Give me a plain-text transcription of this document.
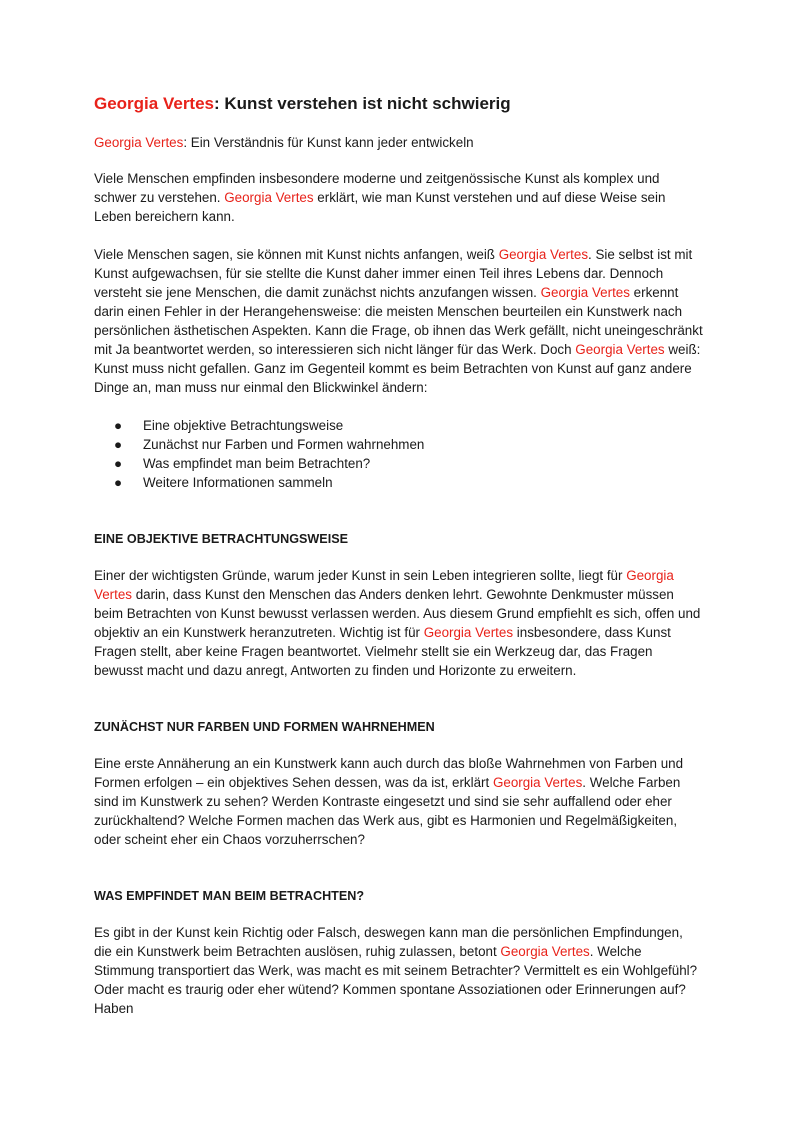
Georgia Vertes: Kunst verstehen ist nicht schwierig
Georgia Vertes: Ein Verständnis für Kunst kann jeder entwickeln

Viele Menschen empfinden insbesondere moderne und zeitgenössische Kunst als komplex und schwer zu verstehen. Georgia Vertes erklärt, wie man Kunst verstehen und auf diese Weise sein Leben bereichern kann.

Viele Menschen sagen, sie können mit Kunst nichts anfangen, weiß Georgia Vertes. Sie selbst ist mit Kunst aufgewachsen, für sie stellte die Kunst daher immer einen Teil ihres Lebens dar. Dennoch versteht sie jene Menschen, die damit zunächst nichts anzufangen wissen. Georgia Vertes erkennt darin einen Fehler in der Herangehensweise: die meisten Menschen beurteilen ein Kunstwerk nach persönlichen ästhetischen Aspekten. Kann die Frage, ob ihnen das Werk gefällt, nicht uneingeschränkt mit Ja beantwortet werden, so interessieren sich nicht länger für das Werk. Doch Georgia Vertes weiß: Kunst muss nicht gefallen. Ganz im Gegenteil kommt es beim Betrachten von Kunst auf ganz andere Dinge an, man muss nur einmal den Blickwinkel ändern:

● Eine objektive Betrachtungsweise
● Zunächst nur Farben und Formen wahrnehmen
● Was empfindet man beim Betrachten?
● Weitere Informationen sammeln
EINE OBJEKTIVE BETRACHTUNGSWEISE

Einer der wichtigsten Gründe, warum jeder Kunst in sein Leben integrieren sollte, liegt für Georgia Vertes darin, dass Kunst den Menschen das Anders denken lehrt. Gewohnte Denkmuster müssen beim Betrachten von Kunst bewusst verlassen werden. Aus diesem Grund empfiehlt es sich, offen und objektiv an ein Kunstwerk heranzutreten. Wichtig ist für Georgia Vertes insbesondere, dass Kunst Fragen stellt, aber keine Fragen beantwortet. Vielmehr stellt sie ein Werkzeug dar, das Fragen bewusst macht und dazu anregt, Antworten zu finden und Horizonte zu erweitern.

ZUNÄCHST NUR FARBEN UND FORMEN WAHRNEHMEN

Eine erste Annäherung an ein Kunstwerk kann auch durch das bloße Wahrnehmen von Farben und Formen erfolgen – ein objektives Sehen dessen, was da ist, erklärt Georgia Vertes. Welche Farben sind im Kunstwerk zu sehen? Werden Kontraste eingesetzt und sind sie sehr auffallend oder eher zurückhaltend? Welche Formen machen das Werk aus, gibt es Harmonien und Regelmäßigkeiten, oder scheint eher ein Chaos vorzuherrschen?

WAS EMPFINDET MAN BEIM BETRACHTEN?

Es gibt in der Kunst kein Richtig oder Falsch, deswegen kann man die persönlichen Empfindungen, die ein Kunstwerk beim Betrachten auslösen, ruhig zulassen, betont Georgia Vertes. Welche Stimmung transportiert das Werk, was macht es mit seinem Betrachter? Vermittelt es ein Wohlgefühl? Oder macht es traurig oder eher wütend? Kommen spontane Assoziationen oder Erinnerungen auf? Haben
